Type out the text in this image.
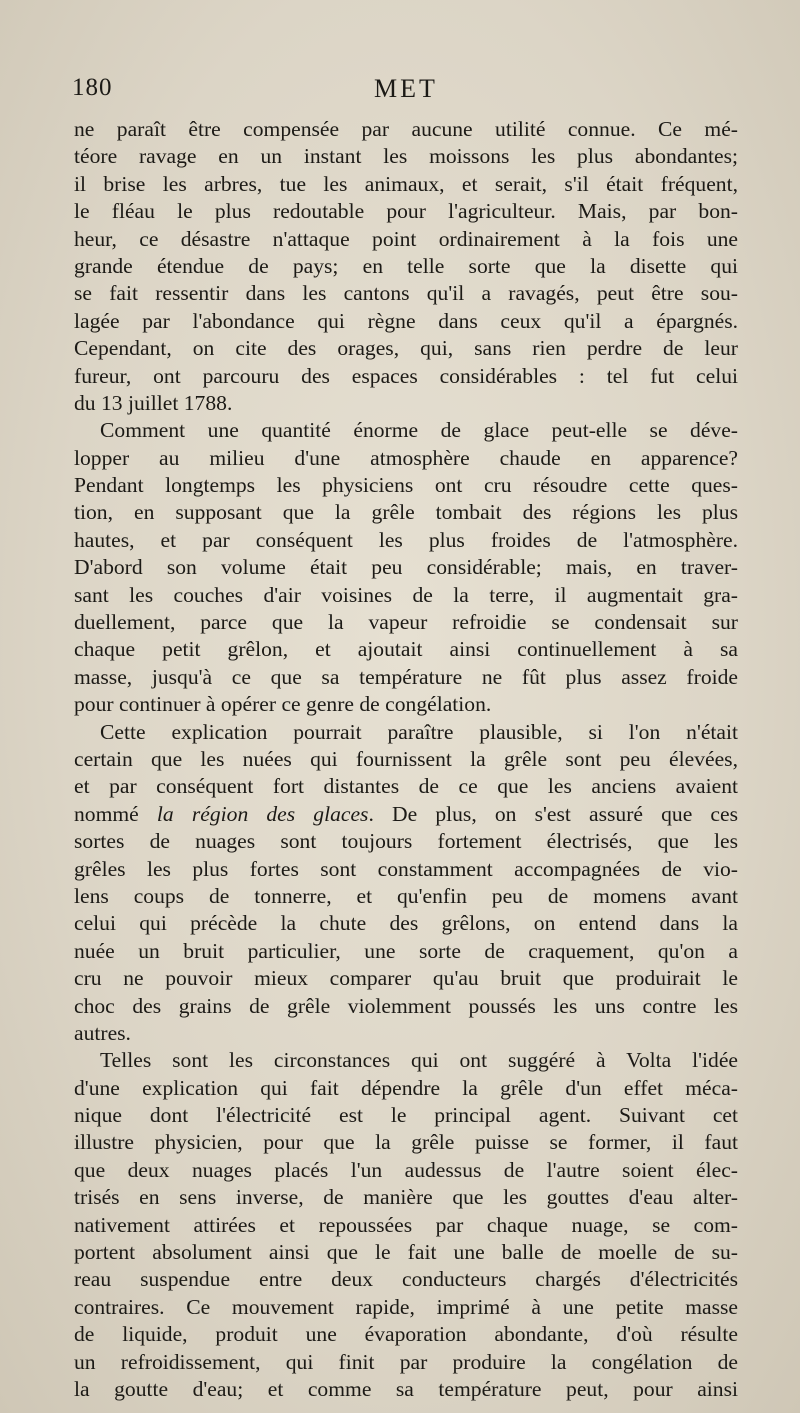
180	MET
ne paraît être compensée par aucune utilité connue. Ce mé-
téore ravage en un instant les moissons les plus abondantes;
il brise les arbres, tue les animaux, et serait, s'il était fréquent,
le fléau le plus redoutable pour l'agriculteur. Mais, par bon-
heur, ce désastre n'attaque point ordinairement à la fois une
grande étendue de pays; en telle sorte que la disette qui
se fait ressentir dans les cantons qu'il a ravagés, peut être sou-
lagée par l'abondance qui règne dans ceux qu'il a épargnés.
Cependant, on cite des orages, qui, sans rien perdre de leur
fureur, ont parcouru des espaces considérables : tel fut celui
du 13 juillet 1788.
Comment une quantité énorme de glace peut-elle se déve-
lopper au milieu d'une atmosphère chaude en apparence?
Pendant longtemps les physiciens ont cru résoudre cette ques-
tion, en supposant que la grêle tombait des régions les plus
hautes, et par conséquent les plus froides de l'atmosphère.
D'abord son volume était peu considérable; mais, en traver-
sant les couches d'air voisines de la terre, il augmentait gra-
duellement, parce que la vapeur refroidie se condensait sur
chaque petit grêlon, et ajoutait ainsi continuellement à sa
masse, jusqu'à ce que sa température ne fût plus assez froide
pour continuer à opérer ce genre de congélation.
Cette explication pourrait paraître plausible, si l'on n'était
certain que les nuées qui fournissent la grêle sont peu élevées,
et par conséquent fort distantes de ce que les anciens avaient
nommé la région des glaces. De plus, on s'est assuré que ces
sortes de nuages sont toujours fortement électrisés, que les
grêles les plus fortes sont constamment accompagnées de vio-
lens coups de tonnerre, et qu'enfin peu de momens avant
celui qui précède la chute des grêlons, on entend dans la
nuée un bruit particulier, une sorte de craquement, qu'on a
cru ne pouvoir mieux comparer qu'au bruit que produirait le
choc des grains de grêle violemment poussés les uns contre les
autres.
Telles sont les circonstances qui ont suggéré à Volta l'idée
d'une explication qui fait dépendre la grêle d'un effet méca-
nique dont l'électricité est le principal agent. Suivant cet
illustre physicien, pour que la grêle puisse se former, il faut
que deux nuages placés l'un audessus de l'autre soient élec-
trisés en sens inverse, de manière que les gouttes d'eau alter-
nativement attirées et repoussées par chaque nuage, se com-
portent absolument ainsi que le fait une balle de moelle de su-
reau suspendue entre deux conducteurs chargés d'électricités
contraires. Ce mouvement rapide, imprimé à une petite masse
de liquide, produit une évaporation abondante, d'où résulte
un refroidissement, qui finit par produire la congélation de
la goutte d'eau; et comme sa température peut, pour ainsi
